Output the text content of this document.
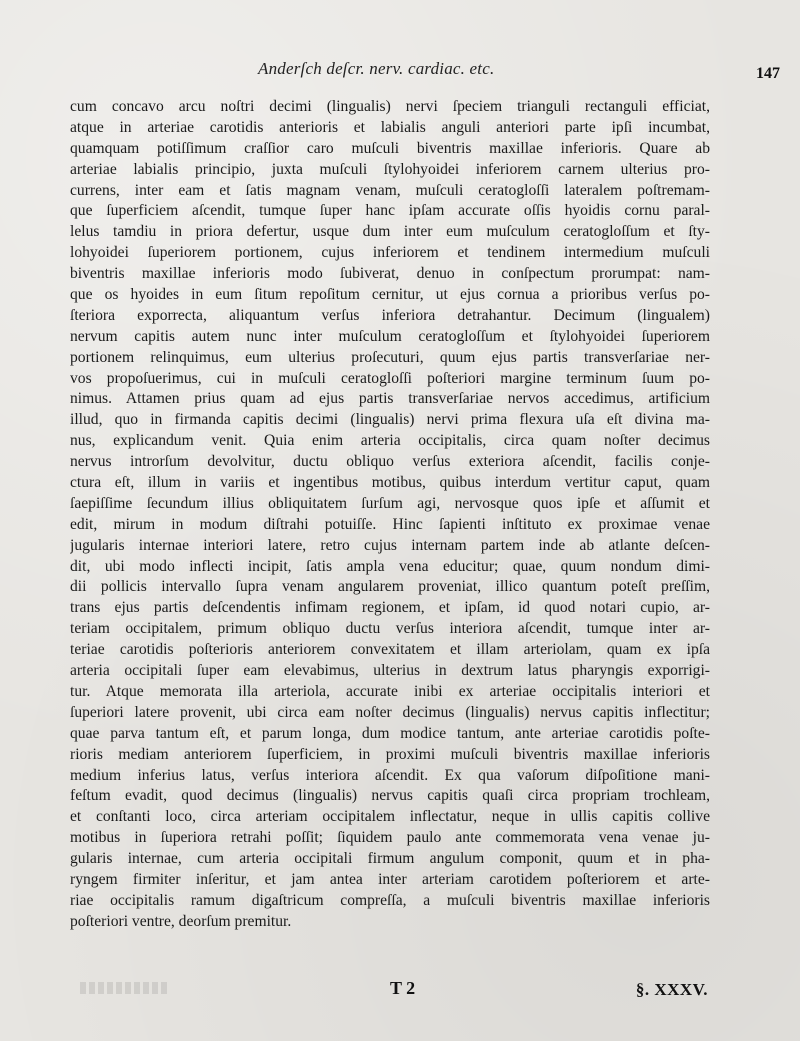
Anderſch deſcr. nerv. cardiac. etc.	147
cum concavo arcu noſtri decimi (lingualis) nervi ſpeciem trianguli rectanguli efficiat,
atque in arteriae carotidis anterioris et labialis anguli anteriori parte ipſi incumbat,
quamquam potiſſimum craſſior caro muſculi biventris maxillae inferioris. Quare ab
arteriae labialis principio, juxta muſculi ſtylohyoidei inferiorem carnem ulterius pro-
currens, inter eam et ſatis magnam venam, muſculi ceratogloſſi lateralem poſtremam-
que ſuperficiem aſcendit, tumque ſuper hanc ipſam accurate oſſis hyoidis cornu paral-
lelus tamdiu in priora defertur, usque dum inter eum muſculum ceratogloſſum et ſty-
lohyoidei ſuperiorem portionem, cujus inferiorem et tendinem intermedium muſculi
biventris maxillae inferioris modo ſubiverat, denuo in conſpectum prorumpat: nam-
que os hyoides in eum ſitum repoſitum cernitur, ut ejus cornua a prioribus verſus po-
ſteriora exporrecta, aliquantum verſus inferiora detrahantur. Decimum (lingualem)
nervum capitis autem nunc inter muſculum ceratogloſſum et ſtylohyoidei ſuperiorem
portionem relinquimus, eum ulterius proſecuturi, quum ejus partis transverſariae ner-
vos propoſuerimus, cui in muſculi ceratogloſſi poſteriori margine terminum ſuum po-
nimus. Attamen prius quam ad ejus partis transverſariae nervos accedimus, artificium
illud, quo in firmanda capitis decimi (lingualis) nervi prima flexura uſa eſt divina ma-
nus, explicandum venit. Quia enim arteria occipitalis, circa quam noſter decimus
nervus introrſum devolvitur, ductu obliquo verſus exteriora aſcendit, facilis conje-
ctura eſt, illum in variis et ingentibus motibus, quibus interdum vertitur caput, quam
ſaepiſſime ſecundum illius obliquitatem ſurſum agi, nervosque quos ipſe et aſſumit et
edit, mirum in modum diſtrahi potuiſſe. Hinc ſapienti inſtituto ex proximae venae
jugularis internae interiori latere, retro cujus internam partem inde ab atlante deſcen-
dit, ubi modo inflecti incipit, ſatis ampla vena educitur; quae, quum nondum dimi-
dii pollicis intervallo ſupra venam angularem proveniat, illico quantum poteſt preſſim,
trans ejus partis deſcendentis infimam regionem, et ipſam, id quod notari cupio, ar-
teriam occipitalem, primum obliquo ductu verſus interiora aſcendit, tumque inter ar-
teriae carotidis poſterioris anteriorem convexitatem et illam arteriolam, quam ex ipſa
arteria occipitali ſuper eam elevabimus, ulterius in dextrum latus pharyngis exporrigi-
tur. Atque memorata illa arteriola, accurate inibi ex arteriae occipitalis interiori et
ſuperiori latere provenit, ubi circa eam noſter decimus (lingualis) nervus capitis inflectitur;
quae parva tantum eſt, et parum longa, dum modice tantum, ante arteriae carotidis poſte-
rioris mediam anteriorem ſuperficiem, in proximi muſculi biventris maxillae inferioris
medium inferius latus, verſus interiora aſcendit. Ex qua vaſorum diſpoſitione mani-
feſtum evadit, quod decimus (lingualis) nervus capitis quaſi circa propriam trochleam,
et conſtanti loco, circa arteriam occipitalem inflectatur, neque in ullis capitis collive
motibus in ſuperiora retrahi poſſit; ſiquidem paulo ante commemorata vena venae ju-
gularis internae, cum arteria occipitali firmum angulum componit, quum et in pha-
ryngem firmiter inſeritur, et jam antea inter arteriam carotidem poſteriorem et arte-
riae occipitalis ramum digaſtricum compreſſa, a muſculi biventris maxillae inferioris
poſteriori ventre, deorſum premitur.
T 2	§. XXXV.
